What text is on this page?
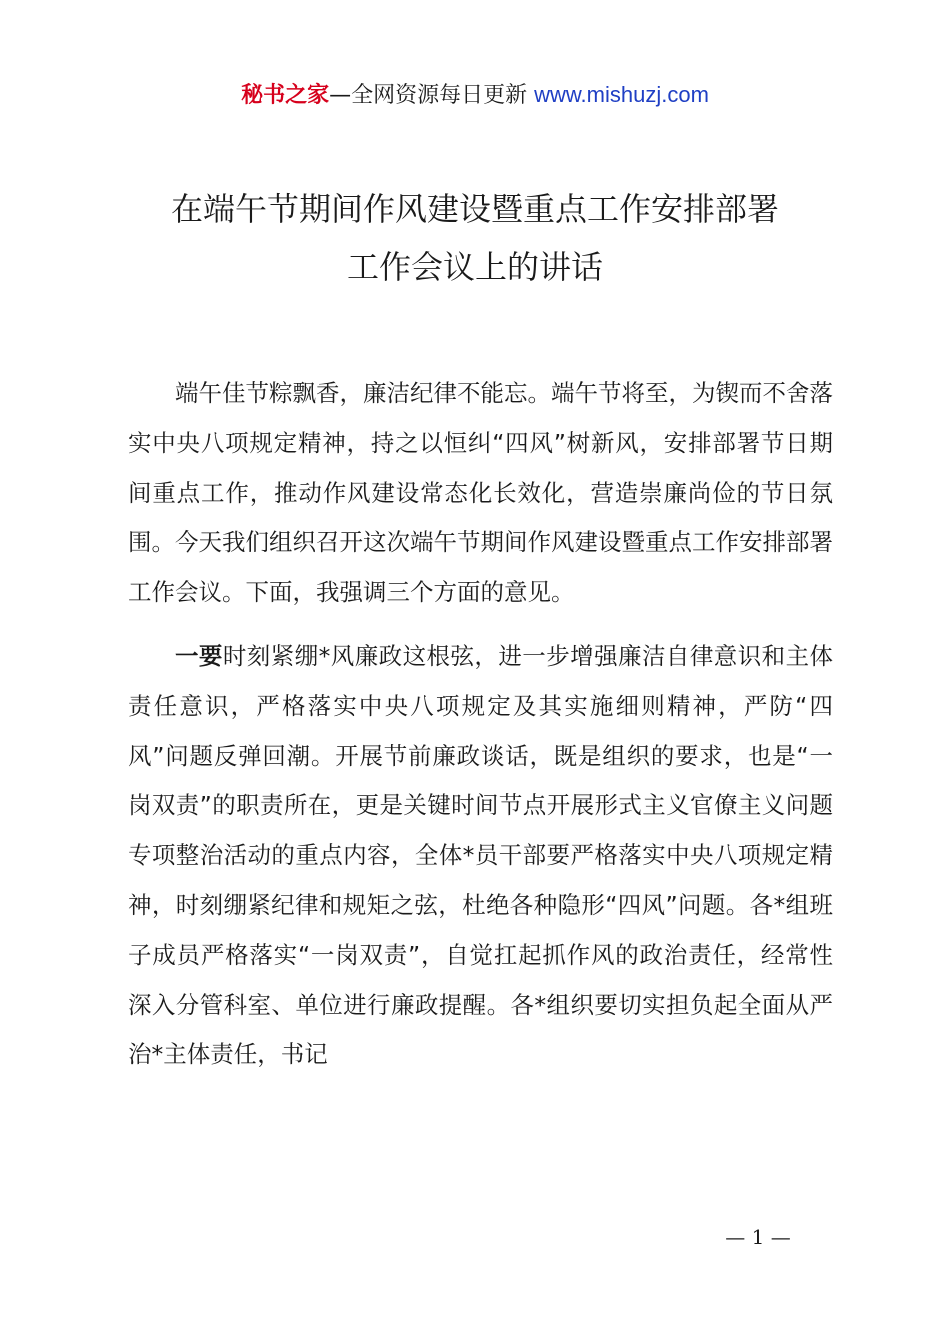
秘书之家—全网资源每日更新 www.mishuzj.com
在端午节期间作风建设暨重点工作安排部署
工作会议上的讲话

端午佳节粽飘香，廉洁纪律不能忘。端午节将至，为锲而不舍落实中央八项规定精神，持之以恒纠“四风”树新风，安排部署节日期间重点工作，推动作风建设常态化长效化，营造崇廉尚俭的节日氛围。今天我们组织召开这次端午节期间作风建设暨重点工作安排部署工作会议。下面，我强调三个方面的意见。

一要时刻紧绷*风廉政这根弦，进一步增强廉洁自律意识和主体责任意识，严格落实中央八项规定及其实施细则精神，严防“四风”问题反弹回潮。开展节前廉政谈话，既是组织的要求，也是“一岗双责”的职责所在，更是关键时间节点开展形式主义官僚主义问题专项整治活动的重点内容，全体*员干部要严格落实中央八项规定精神，时刻绷紧纪律和规矩之弦，杜绝各种隐形“四风”问题。各*组班子成员严格落实“一岗双责”，自觉扛起抓作风的政治责任，经常性深入分管科室、单位进行廉政提醒。各*组织要切实担负起全面从严治*主体责任，书记

— 1 —
